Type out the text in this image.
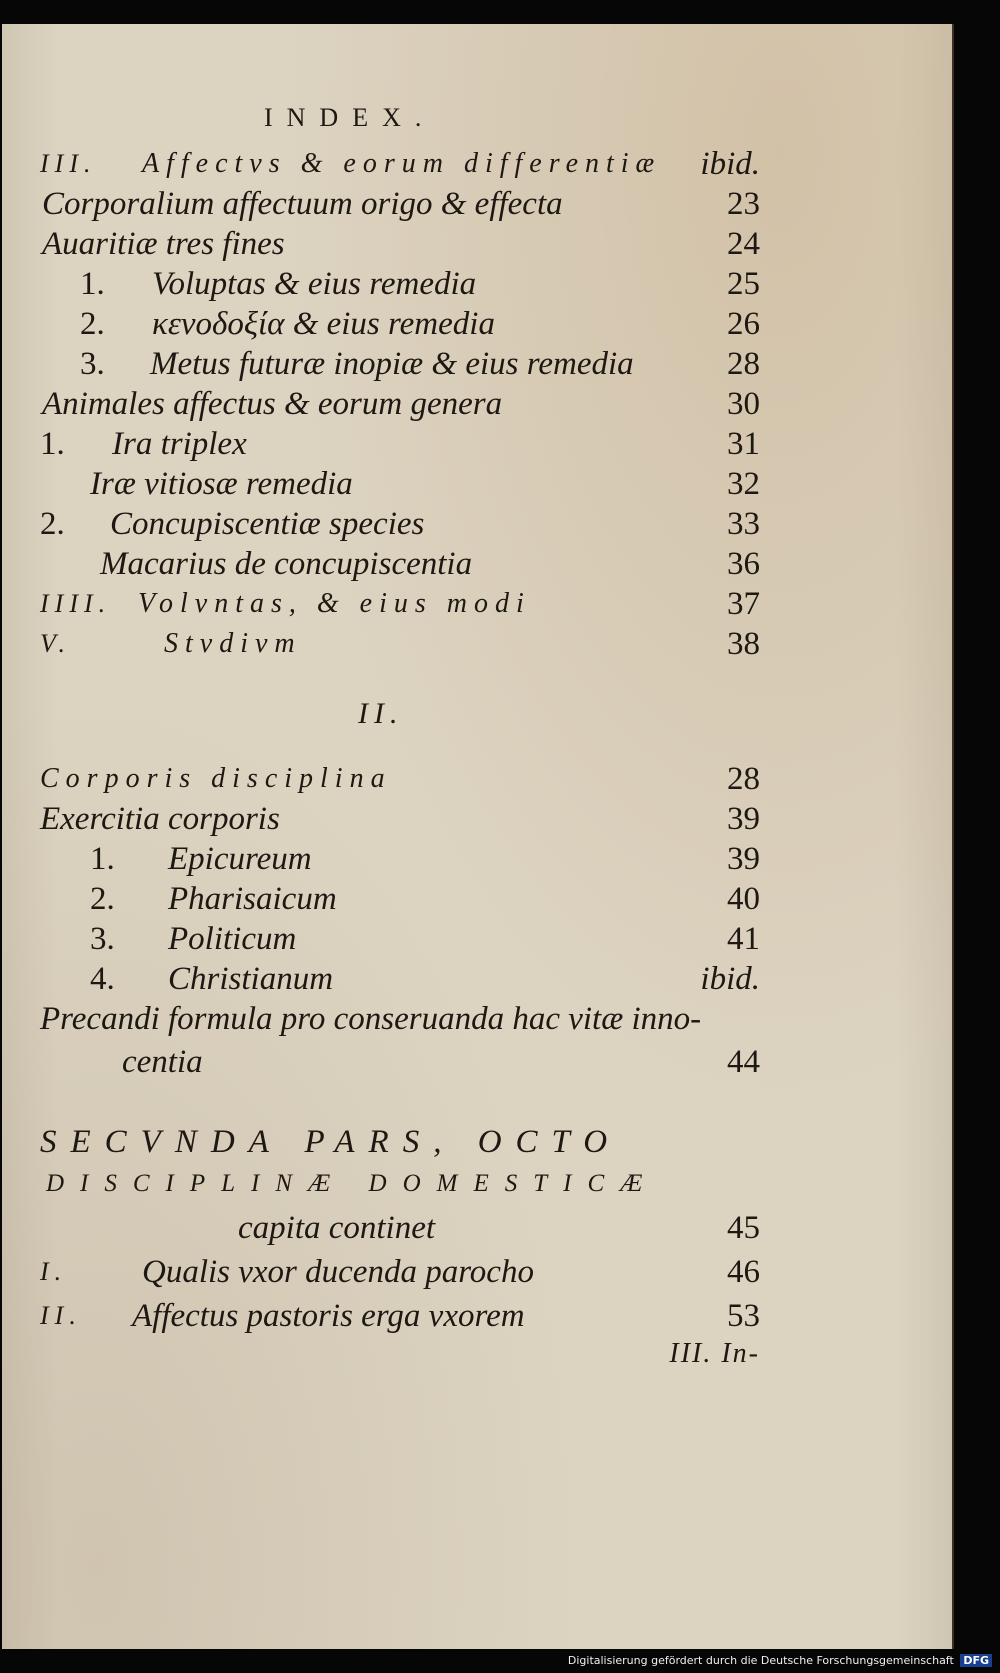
INDEX.
III. Affectvs & eorum differentiæ ibid.
Corporalium affectuum origo & effecta	23
Auaritiæ tres fines	24
1. Voluptas & eius remedia	25
2. κενοδοξία & eius remedia	26
3. Metus futuræ inopiæ & eius remedia	28
Animales affectus & eorum genera	30
1. Ira triplex	31
Iræ vitiosæ remedia	32
2. Concupiscentiæ species	33
Macarius de concupiscentia	36
IIII. Volvntas, & eius modi	37
V.	Stvdivm	38
II.
Corporis disciplina	28
Exercitia corporis	39
1. Epicureum	39
2. Pharisaicum	40
3. Politicum	41
4. Christianum	ibid.
Precandi formula pro conseruanda hac vitæ inno-
centia	44
SECVNDA PARS, OCTO
DISCIPLINÆ DOMESTICÆ
capita continet	45
I. Qualis vxor ducenda parocho	46
II. Affectus pastoris erga vxorem	53
III. In-
Digitalisierung gefördert durch die Deutsche Forschungsgemeinschaft DFG
